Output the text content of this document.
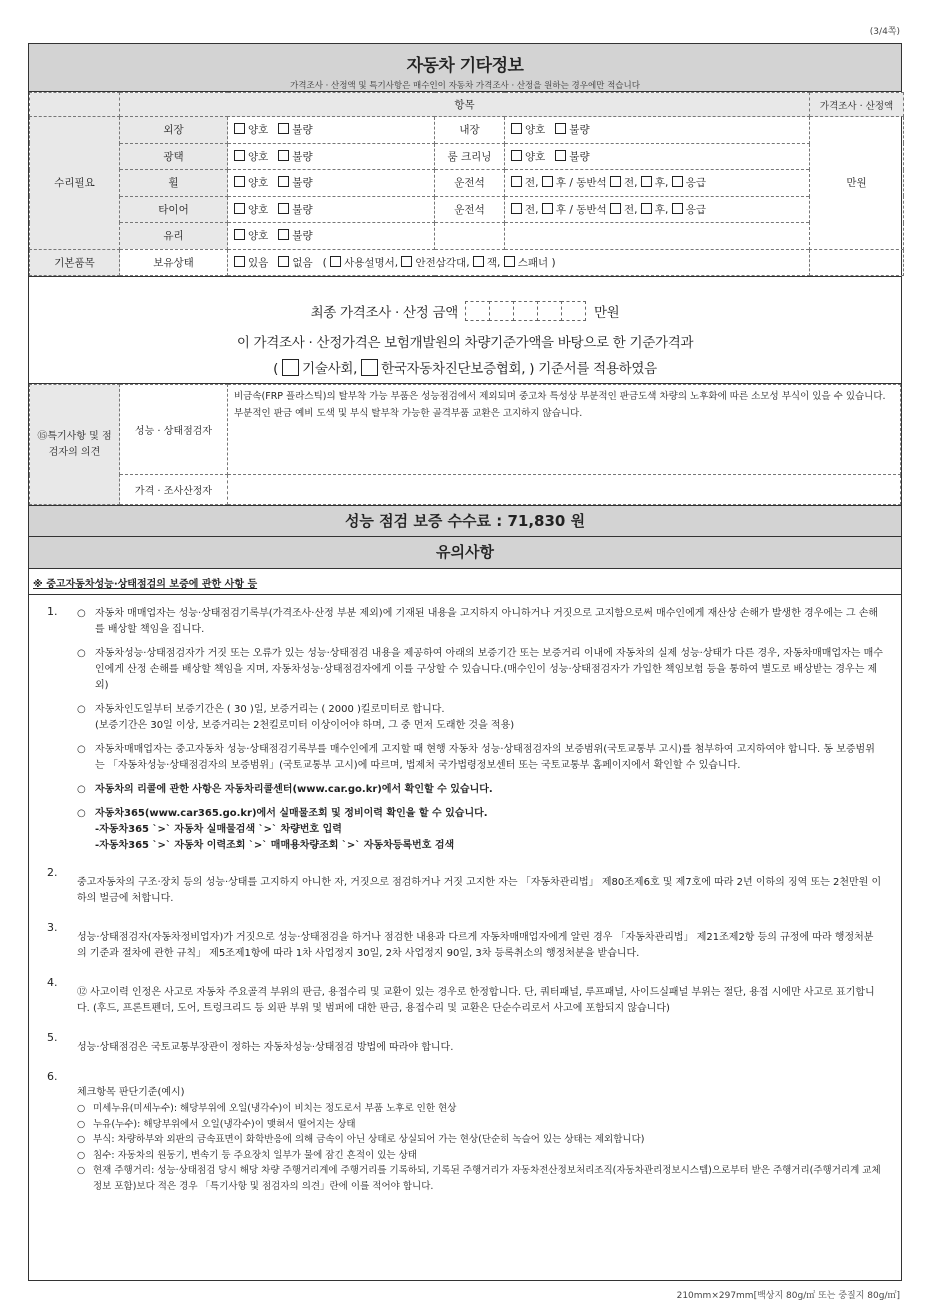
(3/4쪽)
자동차 기타정보
가격조사 · 산정액 및 특기사항은 매수인이 자동차 가격조사 · 산정을 원하는 경우에만 적습니다
	항목				가격조사 · 산정액
수리필요	외장	양호 불량	내장	양호 불량	만원
	광택	양호 불량	룸 크리닝	양호 불량	
	휠	양호 불량	운전석	전, 후 / 동반석 전, 후, 응급	
	타이어	양호 불량	운전석	전, 후 / 동반석 전, 후, 응급	
	유리	양호 불량			
기본품목	보유상태	있음 없음 ( 사용설명서, 안전삼각대, 잭, 스패너 )			
최종 가격조사 · 산정 금액	만원
이 가격조사 · 산정가격은 보험개발원의 차량기준가액을 바탕으로 한 기준가격과
( 기술사회, 한국자동차진단보증협회, ) 기준서를 적용하였음
⑮특기사항 및 점검자의 의견	성능 · 상태점검자	비금속(FRP 플라스틱)의 탈부착 가능 부품은 성능점검에서 제외되며 중고차 특성상 부분적인 판금도색 차량의 노후화에 따른 소모성 부식이 있을 수 있습니다. 부분적인 판금 예비 도색 및 부식 탈부착 가능한 골격부품 교환은 고지하지 않습니다.
	가격 · 조사산정자	
성능 점검 보증 수수료 : 71,830 원
유의사항
※ 중고자동차성능·상태점검의 보증에 관한 사항 등
1.	○ 자동차 매매업자는 성능·상태점검기록부(가격조사·산정 부분 제외)에 기재된 내용을 고지하지 아니하거나 거짓으로 고지함으로써 매수인에게 재산상 손해가 발생한 경우에는 그 손해를 배상할 책임을 집니다.
○ 자동차성능·상태점검자가 거짓 또는 오류가 있는 성능·상태점검 내용을 제공하여 아래의 보증기간 또는 보증거리 이내에 자동차의 실제 성능·상태가 다른 경우, 자동차매매업자는 매수인에게 산정 손해를 배상할 책임을 지며, 자동차성능·상태점검자에게 이를 구상할 수 있습니다.(매수인이 성능·상태점검자가 가입한 책임보험 등을 통하여 별도로 배상받는 경우는 제외)
○ 자동차인도일부터 보증기간은 ( 30 )일, 보증거리는 ( 2000 )킬로미터로 합니다.
(보증기간은 30일 이상, 보증거리는 2천킬로미터 이상이어야 하며, 그 중 먼저 도래한 것을 적용)
○ 자동차매매업자는 중고자동차 성능·상태점검기록부를 매수인에게 고지할 때 현행 자동차 성능·상태점검자의 보증범위(국토교통부 고시)를 첨부하여 고지하여야 합니다. 동 보증범위는 「자동차성능·상태점검자의 보증범위」(국토교통부 고시)에 따르며, 법제처 국가법령정보센터 또는 국토교통부 홈페이지에서 확인할 수 있습니다.
○ 자동차의 리콜에 관한 사항은 자동차리콜센터(www.car.go.kr)에서 확인할 수 있습니다.
○ 자동차365(www.car365.go.kr)에서 실매물조회 및 정비이력 확인을 할 수 있습니다.
-자동차365 `>` 자동차 실매물검색 `>` 차량번호 입력
-자동차365 `>` 자동차 이력조회 `>` 매매용차량조회 `>` 자동차등록번호 검색
2.
중고자동차의 구조·장치 등의 성능·상태를 고지하지 아니한 자, 거짓으로 점검하거나 거짓 고지한 자는 「자동차관리법」 제80조제6호 및 제7호에 따라 2년 이하의 징역 또는 2천만원 이하의 벌금에 처합니다.
3.
성능·상태점검자(자동차정비업자)가 거짓으로 성능·상태점검을 하거나 점검한 내용과 다르게 자동차매매업자에게 알린 경우 「자동차관리법」 제21조제2항 등의 규정에 따라 행정처분의 기준과 절차에 관한 규칙」 제5조제1항에 따라 1차 사업정지 30일, 2차 사업정지 90일, 3차 등록취소의 행정처분을 받습니다.
4.
⑫ 사고이력 인정은 사고로 자동차 주요골격 부위의 판금, 용접수리 및 교환이 있는 경우로 한정합니다. 단, 쿼터패널, 루프패널, 사이드실패널 부위는 절단, 용접 시에만 사고로 표기합니다. (후드, 프론트펜더, 도어, 트렁크리드 등 외판 부위 및 범퍼에 대한 판금, 용접수리 및 교환은 단순수리로서 사고에 포함되지 않습니다)
5.
성능·상태점검은 국토교통부장관이 정하는 자동차성능·상태점검 방법에 따라야 합니다.
6.
체크항목 판단기준(예시)
○ 미세누유(미세누수): 해당부위에 오일(냉각수)이 비치는 정도로서 부품 노후로 인한 현상
○ 누유(누수): 해당부위에서 오일(냉각수)이 맺혀서 떨어지는 상태
○ 부식: 차량하부와 외판의 금속표면이 화학반응에 의해 금속이 아닌 상태로 상실되어 가는 현상(단순히 녹슬어 있는 상태는 제외합니다)
○ 침수: 자동차의 원동기, 변속기 등 주요장치 일부가 물에 잠긴 흔적이 있는 상태
○ 현재 주행거리: 성능·상태점검 당시 해당 차량 주행거리계에 주행거리를 기록하되, 기록된 주행거리가 자동차전산정보처리조직(자동차관리정보시스템)으로부터 받은 주행거리(주행거리계 교체정보 포함)보다 적은 경우 「특기사항 및 점검자의 의견」란에 이를 적어야 합니다.
210mm×297mm[백상지 80g/㎡ 또는 중질지 80g/㎡]
